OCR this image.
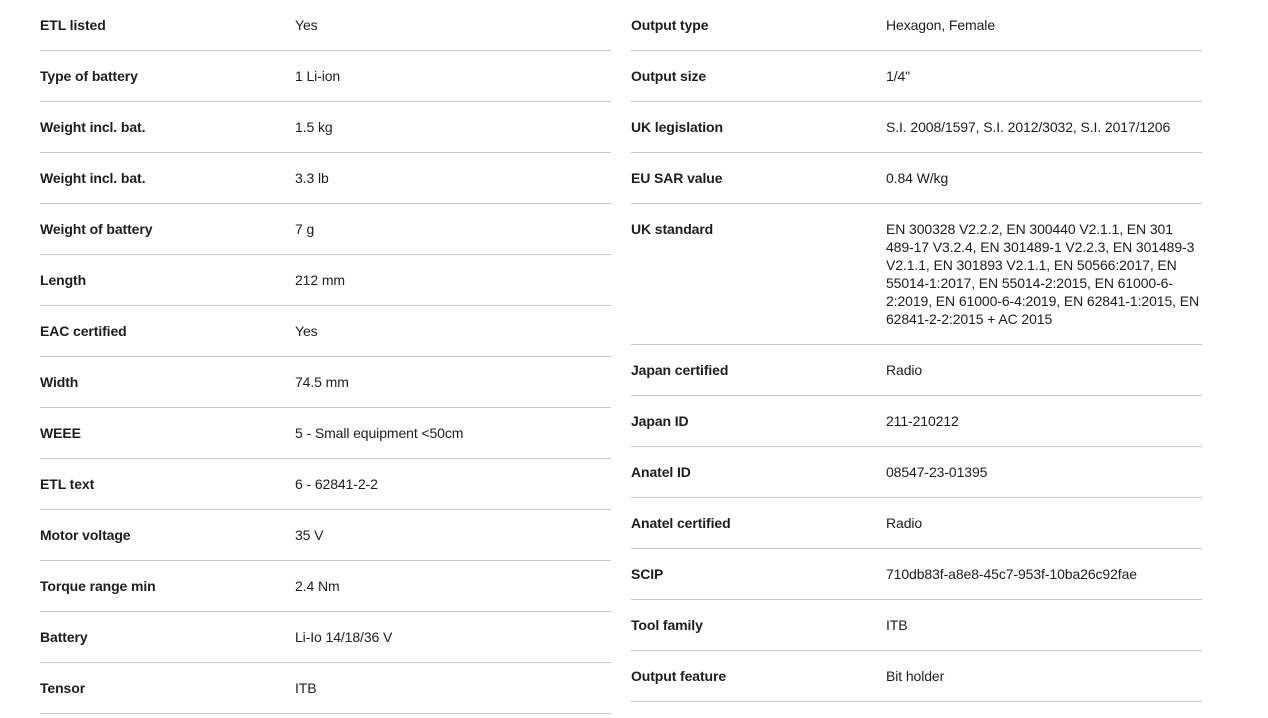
ETL listed	Yes
Type of battery	1 Li-ion
Weight incl. bat.	1.5 kg
Weight incl. bat.	3.3 lb
Weight of battery	7 g
Length	212 mm
EAC certified	Yes
Width	74.5 mm
WEEE	5 - Small equipment <50cm
ETL text	6 - 62841-2-2
Motor voltage	35 V
Torque range min	2.4 Nm
Battery	Li-Io 14/18/36 V
Tensor	ITB
Output type	Hexagon, Female
Output size	1/4"
UK legislation	S.I. 2008/1597, S.I. 2012/3032, S.I. 2017/1206
EU SAR value	0.84 W/kg
UK standard	EN 300328 V2.2.2, EN 300440 V2.1.1, EN 301 489-17 V3.2.4, EN 301489-1 V2.2.3, EN 301489-3 V2.1.1, EN 301893 V2.1.1, EN 50566:2017, EN 55014-1:2017, EN 55014-2:2015, EN 61000-6-2:2019, EN 61000-6-4:2019, EN 62841-1:2015, EN 62841-2-2:2015 + AC 2015
Japan certified	Radio
Japan ID	211-210212
Anatel ID	08547-23-01395
Anatel certified	Radio
SCIP	710db83f-a8e8-45c7-953f-10ba26c92fae
Tool family	ITB
Output feature	Bit holder
